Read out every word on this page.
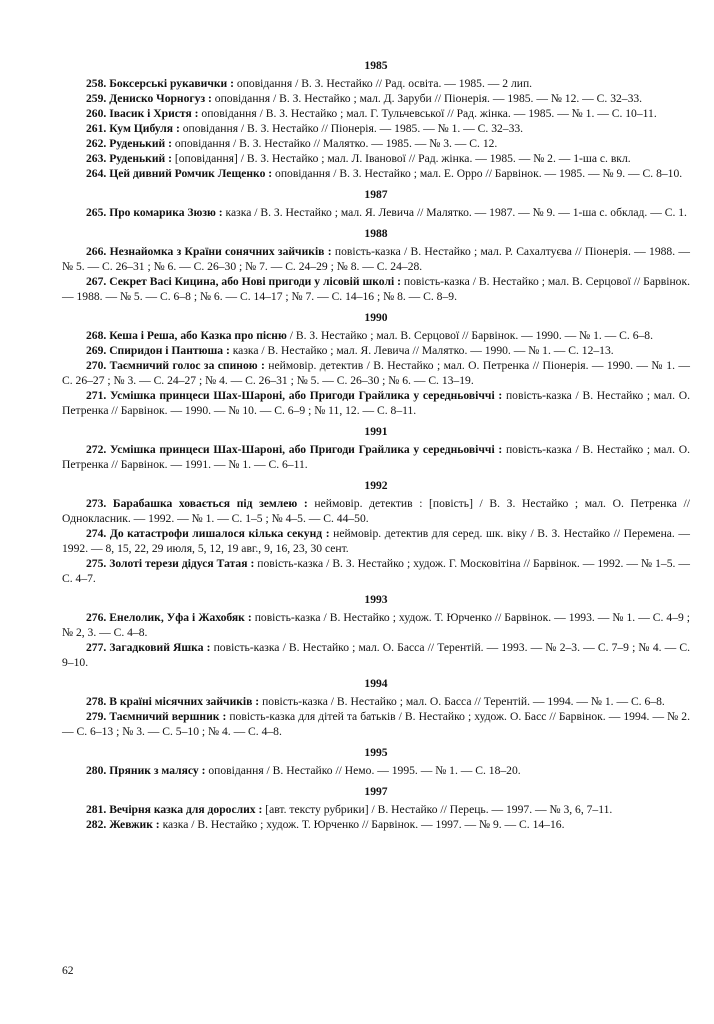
1985

258. Боксерські рукавички : оповідання / В. З. Нестайко // Рад. освіта. — 1985. — 2 лип.

259. Дениско Чорногуз : оповідання / В. З. Нестайко ; мал. Д. Заруби // Піонерія. — 1985. — № 12. — С. 32–33.

260. Івасик і Христя : оповідання / В. З. Нестайко ; мал. Г. Тульчевської // Рад. жінка. — 1985. — № 1. — С. 10–11.

261. Кум Цибуля : оповідання / В. З. Нестайко // Піонерія. — 1985. — № 1. — С. 32–33.

262. Руденький : оповідання / В. З. Нестайко // Малятко. — 1985. — № 3. — С. 12.

263. Руденький : [оповідання] / В. З. Нестайко ; мал. Л. Іванової // Рад. жінка. — 1985. — № 2. — 1-ша с. вкл.

264. Цей дивний Ромчик Лещенко : оповідання / В. З. Нестайко ; мал. Е. Орро // Барвінок. — 1985. — № 9. — С. 8–10.

1987

265. Про комарика Зюзю : казка / В. З. Нестайко ; мал. Я. Левича // Малятко. — 1987. — № 9. — 1-ша с. обклад. — С. 1.

1988

266. Незнайомка з Країни сонячних зайчиків : повість-казка / В. Нестайко ; мал. Р. Сахалтуєва // Піонерія. — 1988. — № 5. — С. 26–31 ; № 6. — С. 26–30 ; № 7. — С. 24–29 ; № 8. — С. 24–28.

267. Секрет Васі Кицина, або Нові пригоди у лісовій школі : повість-казка / В. Нестайко ; мал. В. Серцової // Барвінок. — 1988. — № 5. — С. 6–8 ; № 6. — С. 14–17 ; № 7. — С. 14–16 ; № 8. — С. 8–9.

1990

268. Кеша і Реша, або Казка про пісню / В. З. Нестайко ; мал. В. Серцової // Барвінок. — 1990. — № 1. — С. 6–8.

269. Спиридон і Пантюша : казка / В. Нестайко ; мал. Я. Левича // Малятко. — 1990. — № 1. — С. 12–13.

270. Таємничий голос за спиною : неймовір. детектив / В. Нестайко ; мал. О. Петренка // Піонерія. — 1990. — № 1. — С. 26–27 ; № 3. — С. 24–27 ; № 4. — С. 26–31 ; № 5. — С. 26–30 ; № 6. — С. 13–19.

271. Усмішка принцеси Шах-Шароні, або Пригоди Грайлика у середньовіччі : повість-казка / В. Нестайко ; мал. О. Петренка // Барвінок. — 1990. — № 10. — С. 6–9 ; № 11, 12. — С. 8–11.

1991

272. Усмішка принцеси Шах-Шароні, або Пригоди Грайлика у середньовіччі : повість-казка / В. Нестайко ; мал. О. Петренка // Барвінок. — 1991. — № 1. — С. 6–11.

1992

273. Барабашка ховається під землею : неймовір. детектив : [повість] / В. З. Нестайко ; мал. О. Петренка // Однокласник. — 1992. — № 1. — С. 1–5 ; № 4–5. — С. 44–50.

274. До катастрофи лишалося кілька секунд : неймовір. детектив для серед. шк. віку / В. З. Нестайко // Перемена. —1992. — 8, 15, 22, 29 июля, 5, 12, 19 авг., 9, 16, 23, 30 сент.

275. Золоті терези дідуся Татая : повість-казка / В. З. Нестайко ; худож. Г. Московітіна // Барвінок. — 1992. — № 1–5. — С. 4–7.

1993

276. Енелолик, Уфа і Жахобяк : повість-казка / В. Нестайко ; худож. Т. Юрченко // Барвінок. — 1993. — № 1. — С. 4–9 ; № 2, 3. — С. 4–8.

277. Загадковий Яшка : повість-казка / В. Нестайко ; мал. О. Басса // Терентій. — 1993. — № 2–3. — С. 7–9 ; № 4. — С. 9–10.

1994

278. В країні місячних зайчиків : повість-казка / В. Нестайко ; мал. О. Басса // Терентій. — 1994. — № 1. — С. 6–8.

279. Таємничий вершник : повість-казка для дітей та батьків / В. Нестайко ; худож. О. Басс // Барвінок. — 1994. — № 2. — С. 6–13 ; № 3. — С. 5–10 ; № 4. — С. 4–8.

1995

280. Пряник з малясу : оповідання / В. Нестайко // Немо. — 1995. — № 1. — С. 18–20.

1997

281. Вечірня казка для дорослих : [авт. тексту рубрики] / В. Нестайко // Перець. — 1997. — № 3, 6, 7–11.

282. Жевжик : казка / В. Нестайко ; худож. Т. Юрченко // Барвінок. — 1997. — № 9. — С. 14–16.

62
